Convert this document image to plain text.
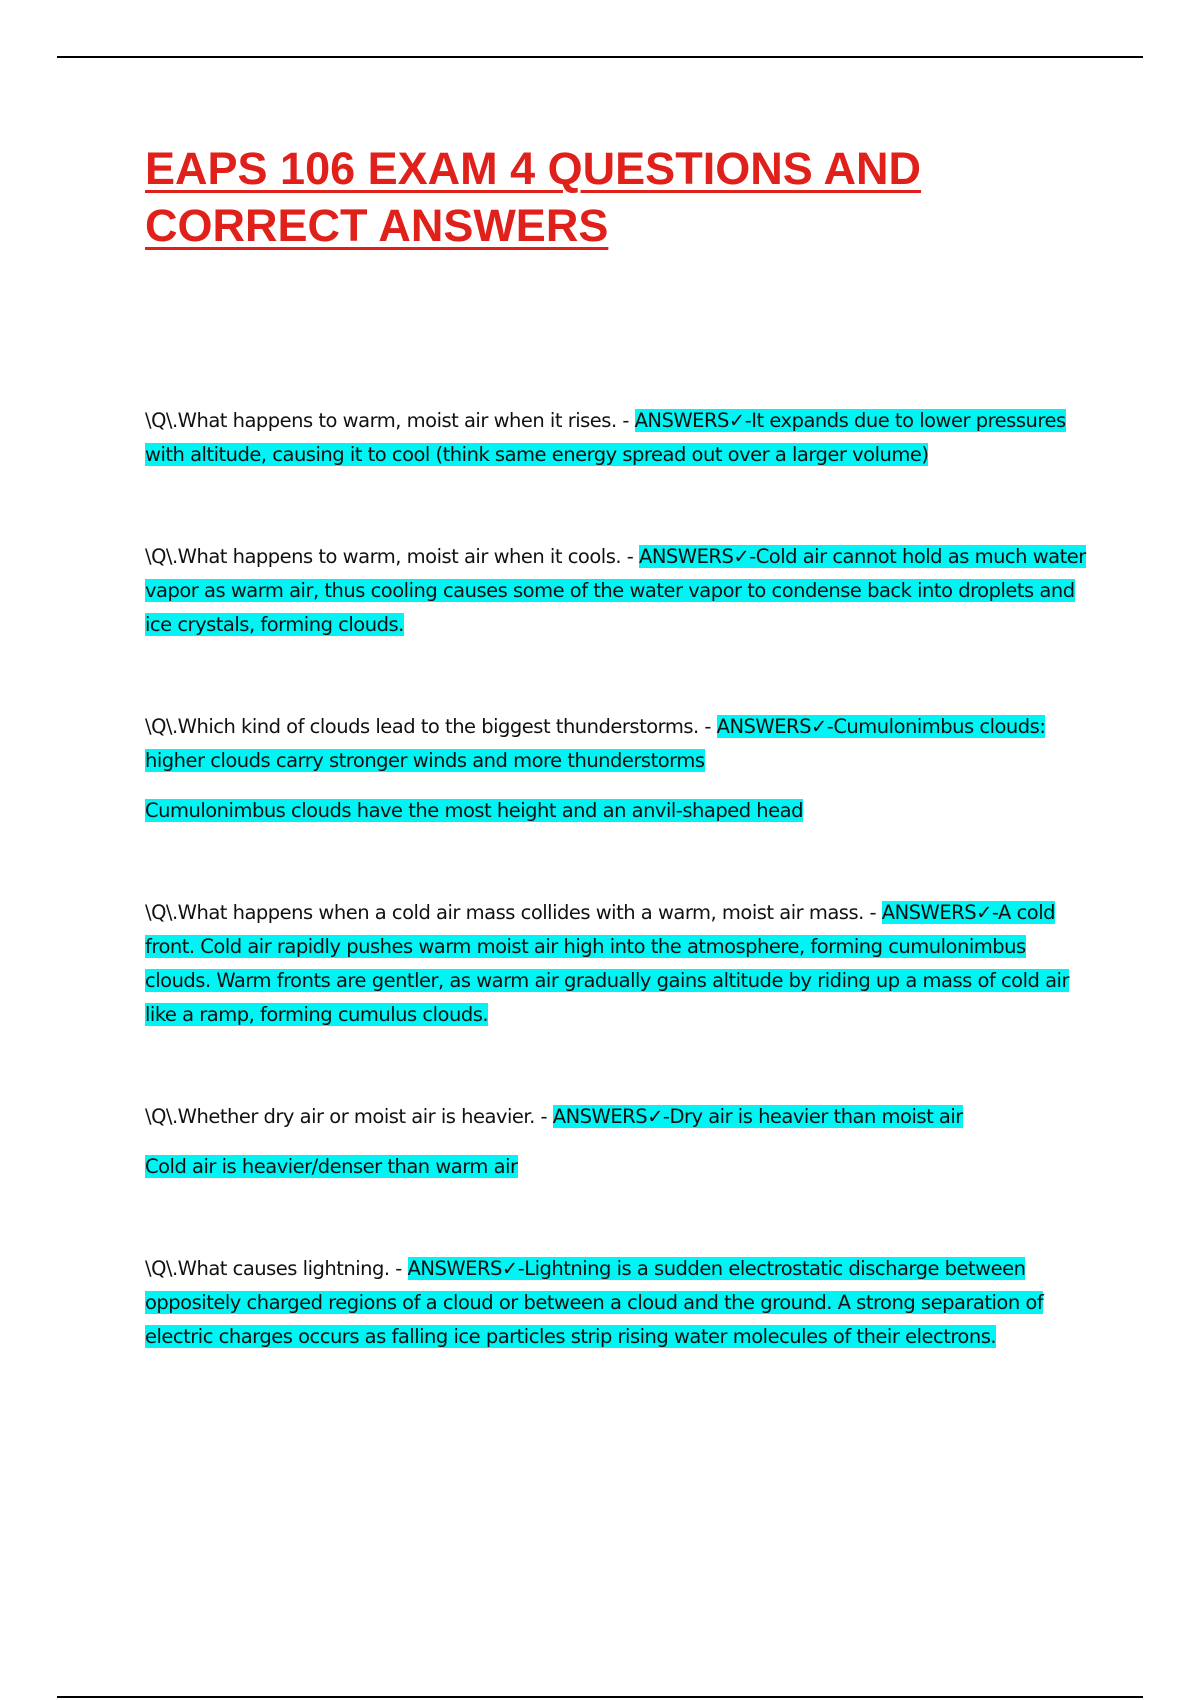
EAPS 106 EXAM 4 QUESTIONS AND CORRECT ANSWERS

\Q\.What happens to warm, moist air when it rises. - ANSWERS✓-It expands due to lower pressures with altitude, causing it to cool (think same energy spread out over a larger volume)

\Q\.What happens to warm, moist air when it cools. - ANSWERS✓-Cold air cannot hold as much water vapor as warm air, thus cooling causes some of the water vapor to condense back into droplets and ice crystals, forming clouds.

\Q\.Which kind of clouds lead to the biggest thunderstorms. - ANSWERS✓-Cumulonimbus clouds: higher clouds carry stronger winds and more thunderstorms

Cumulonimbus clouds have the most height and an anvil-shaped head

\Q\.What happens when a cold air mass collides with a warm, moist air mass. - ANSWERS✓-A cold front. Cold air rapidly pushes warm moist air high into the atmosphere, forming cumulonimbus clouds. Warm fronts are gentler, as warm air gradually gains altitude by riding up a mass of cold air like a ramp, forming cumulus clouds.

\Q\.Whether dry air or moist air is heavier. - ANSWERS✓-Dry air is heavier than moist air

Cold air is heavier/denser than warm air

\Q\.What causes lightning. - ANSWERS✓-Lightning is a sudden electrostatic discharge between oppositely charged regions of a cloud or between a cloud and the ground. A strong separation of electric charges occurs as falling ice particles strip rising water molecules of their electrons.
